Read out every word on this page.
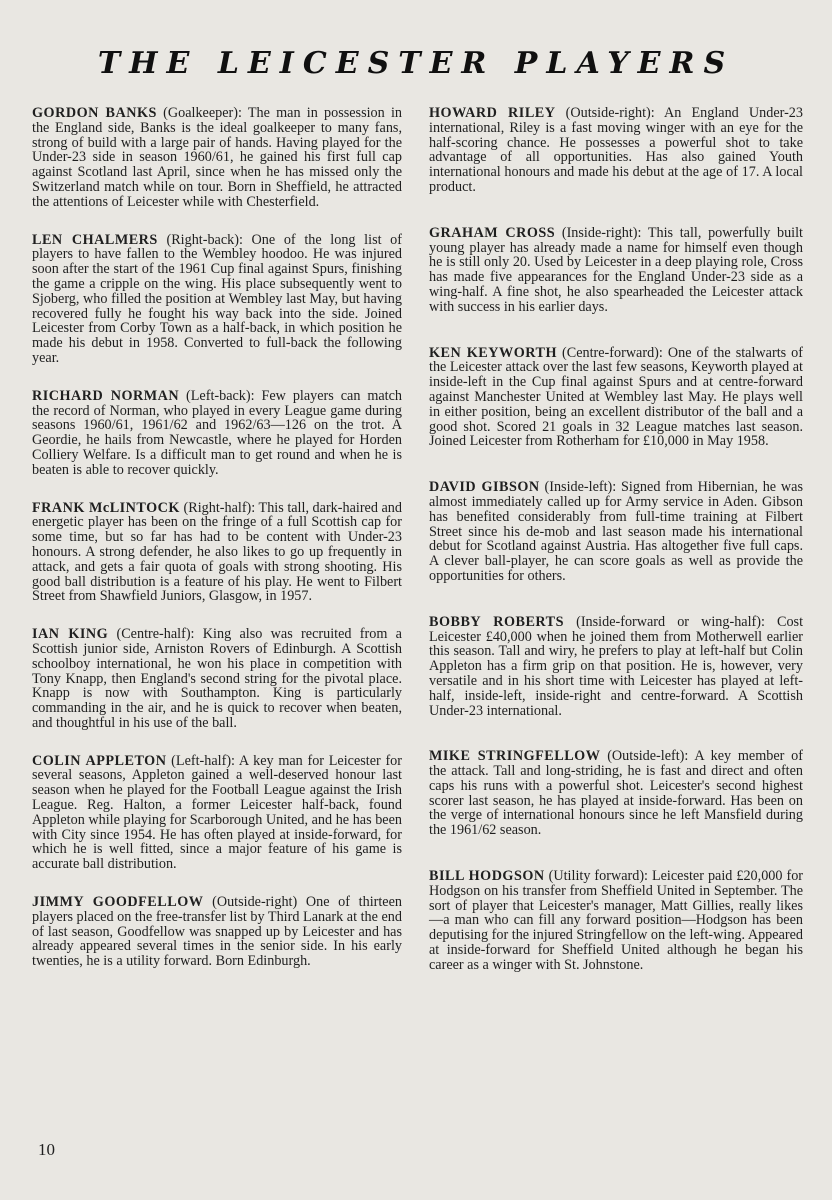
THE LEICESTER PLAYERS

GORDON BANKS (Goalkeeper): The man in possession in the England side, Banks is the ideal goalkeeper to many fans, strong of build with a large pair of hands. Having played for the Under-23 side in season 1960/61, he gained his first full cap against Scotland last April, since when he has missed only the Switzerland match while on tour. Born in Sheffield, he attracted the attentions of Leicester while with Chesterfield.

LEN CHALMERS (Right-back): One of the long list of players to have fallen to the Wembley hoodoo. He was injured soon after the start of the 1961 Cup final against Spurs, finishing the game a cripple on the wing. His place subsequently went to Sjoberg, who filled the position at Wembley last May, but having recovered fully he fought his way back into the side. Joined Leicester from Corby Town as a half-back, in which position he made his debut in 1958. Converted to full-back the following year.

RICHARD NORMAN (Left-back): Few players can match the record of Norman, who played in every League game during seasons 1960/61, 1961/62 and 1962/63—126 on the trot. A Geordie, he hails from Newcastle, where he played for Horden Colliery Welfare. Is a difficult man to get round and when he is beaten is able to recover quickly.

FRANK McLINTOCK (Right-half): This tall, dark-haired and energetic player has been on the fringe of a full Scottish cap for some time, but so far has had to be content with Under-23 honours. A strong defender, he also likes to go up frequently in attack, and gets a fair quota of goals with strong shooting. His good ball distribution is a feature of his play. He went to Filbert Street from Shawfield Juniors, Glasgow, in 1957.

IAN KING (Centre-half): King also was recruited from a Scottish junior side, Arniston Rovers of Edinburgh. A Scottish schoolboy international, he won his place in competition with Tony Knapp, then England's second string for the pivotal place. Knapp is now with Southampton. King is particularly commanding in the air, and he is quick to recover when beaten, and thoughtful in his use of the ball.

COLIN APPLETON (Left-half): A key man for Leicester for several seasons, Appleton gained a well-deserved honour last season when he played for the Football League against the Irish League. Reg. Halton, a former Leicester half-back, found Appleton while playing for Scarborough United, and he has been with City since 1954. He has often played at inside-forward, for which he is well fitted, since a major feature of his game is accurate ball distribution.

JIMMY GOODFELLOW (Outside-right) One of thirteen players placed on the free-transfer list by Third Lanark at the end of last season, Goodfellow was snapped up by Leicester and has already appeared several times in the senior side. In his early twenties, he is a utility forward. Born Edinburgh.

HOWARD RILEY (Outside-right): An England Under-23 international, Riley is a fast moving winger with an eye for the half-scoring chance. He possesses a powerful shot to take advantage of all opportunities. Has also gained Youth international honours and made his debut at the age of 17. A local product.

GRAHAM CROSS (Inside-right): This tall, powerfully built young player has already made a name for himself even though he is still only 20. Used by Leicester in a deep playing role, Cross has made five appearances for the England Under-23 side as a wing-half. A fine shot, he also spearheaded the Leicester attack with success in his earlier days.

KEN KEYWORTH (Centre-forward): One of the stalwarts of the Leicester attack over the last few seasons, Keyworth played at inside-left in the Cup final against Spurs and at centre-forward against Manchester United at Wembley last May. He plays well in either position, being an excellent distributor of the ball and a good shot. Scored 21 goals in 32 League matches last season. Joined Leicester from Rotherham for £10,000 in May 1958.

DAVID GIBSON (Inside-left): Signed from Hibernian, he was almost immediately called up for Army service in Aden. Gibson has benefited considerably from full-time training at Filbert Street since his de-mob and last season made his international debut for Scotland against Austria. Has altogether five full caps. A clever ball-player, he can score goals as well as provide the opportunities for others.

BOBBY ROBERTS (Inside-forward or wing-half): Cost Leicester £40,000 when he joined them from Motherwell earlier this season. Tall and wiry, he prefers to play at left-half but Colin Appleton has a firm grip on that position. He is, however, very versatile and in his short time with Leicester has played at left-half, inside-left, inside-right and centre-forward. A Scottish Under-23 international.

MIKE STRINGFELLOW (Outside-left): A key member of the attack. Tall and long-striding, he is fast and direct and often caps his runs with a powerful shot. Leicester's second highest scorer last season, he has played at inside-forward. Has been on the verge of international honours since he left Mansfield during the 1961/62 season.

BILL HODGSON (Utility forward): Leicester paid £20,000 for Hodgson on his transfer from Sheffield United in September. The sort of player that Leicester's manager, Matt Gillies, really likes—a man who can fill any forward position—Hodgson has been deputising for the injured Stringfellow on the left-wing. Appeared at inside-forward for Sheffield United although he began his career as a winger with St. Johnstone.

10
